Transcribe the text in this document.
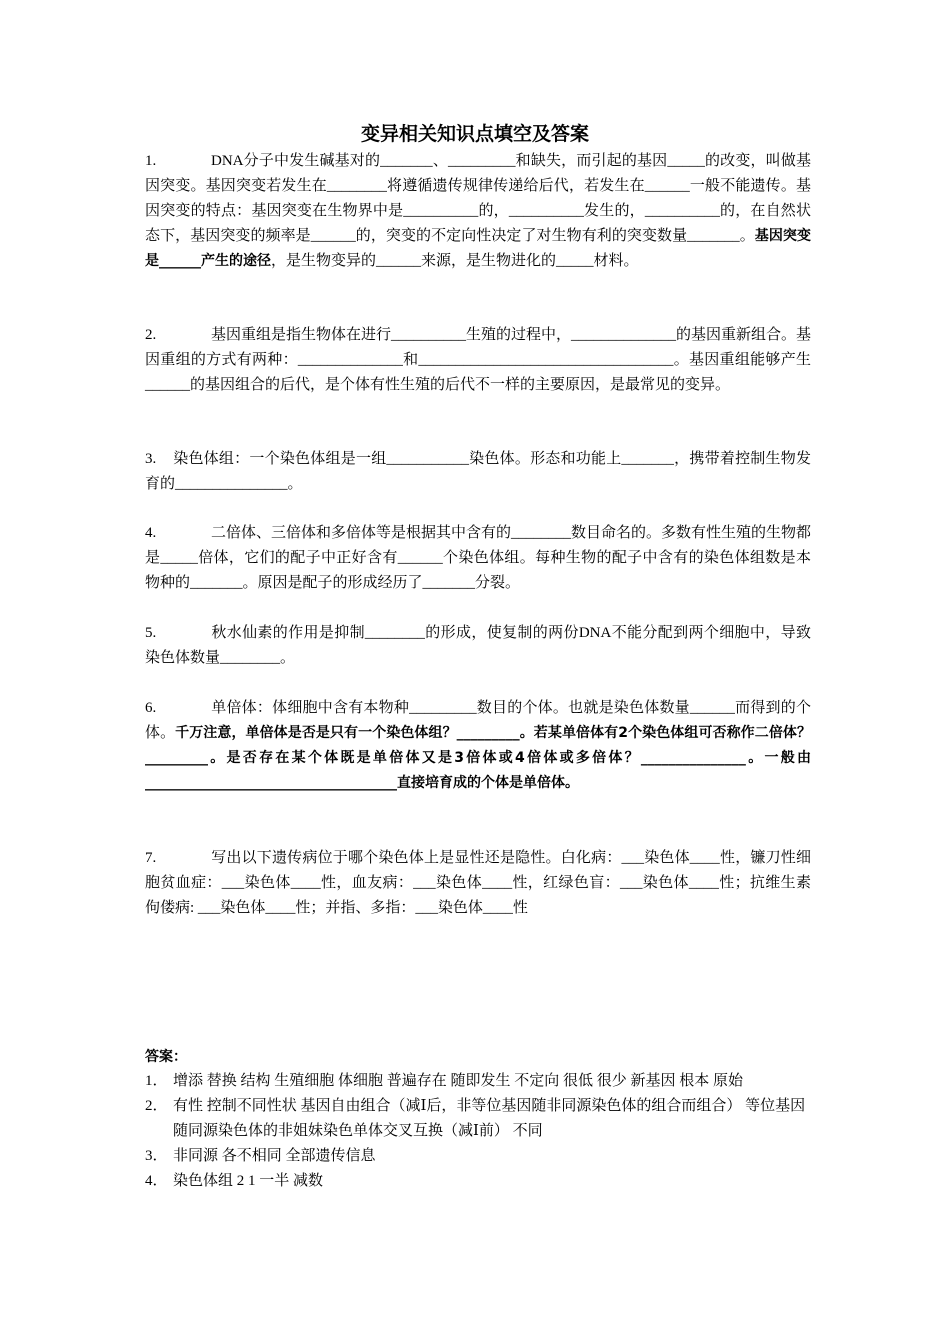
变异相关知识点填空及答案

1.	DNA分子中发生碱基对的_______、_________和缺失，而引起的基因_____的改变，叫做基因突变。基因突变若发生在________将遵循遗传规律传递给后代，若发生在______一般不能遗传。基因突变的特点：基因突变在生物界中是__________的，__________发生的，__________的，在自然状态下，基因突变的频率是______的，突变的不定向性决定了对生物有利的突变数量_______。基因突变是______产生的途径，是生物变异的______来源，是生物进化的_____材料。

2.	基因重组是指生物体在进行__________生殖的过程中，______________的基因重新组合。基因重组的方式有两种：______________和__________________________________。基因重组能够产生______的基因组合的后代，是个体有性生殖的后代不一样的主要原因，是最常见的变异。

3. 染色体组：一个染色体组是一组___________染色体。形态和功能上_______，携带着控制生物发育的_______________。

4.	二倍体、三倍体和多倍体等是根据其中含有的________数目命名的。多数有性生殖的生物都是_____倍体，它们的配子中正好含有______个染色体组。每种生物的配子中含有的染色体组数是本物种的_______。原因是配子的形成经历了_______分裂。

5.	秋水仙素的作用是抑制________的形成，使复制的两份DNA不能分配到两个细胞中，导致染色体数量________。

6.	单倍体：体细胞中含有本物种_________数目的个体。也就是染色体数量______而得到的个体。千万注意，单倍体是否是只有一个染色体组？_________。若某单倍体有2个染色体组可否称作二倍体？_________。是否存在某个体既是单倍体又是3倍体或4倍体或多倍体？_______________。一般由____________________________________直接培育成的个体是单倍体。

7.	写出以下遗传病位于哪个染色体上是显性还是隐性。白化病：___染色体____性，镰刀性细胞贫血症：___染色体____性，血友病：___染色体____性，红绿色盲：___染色体____性；抗维生素佝偻病: ___染色体____性；并指、多指：___染色体____性

答案：

1． 增添 替换 结构 生殖细胞 体细胞 普遍存在 随即发生 不定向 很低 很少 新基因 根本 原始
2． 有性 控制不同性状 基因自由组合（减Ⅰ后，非等位基因随非同源染色体的组合而组合） 等位基因随同源染色体的非姐妹染色单体交叉互换（减Ⅰ前） 不同
3． 非同源 各不相同 全部遗传信息
4． 染色体组 2 1 一半 减数
